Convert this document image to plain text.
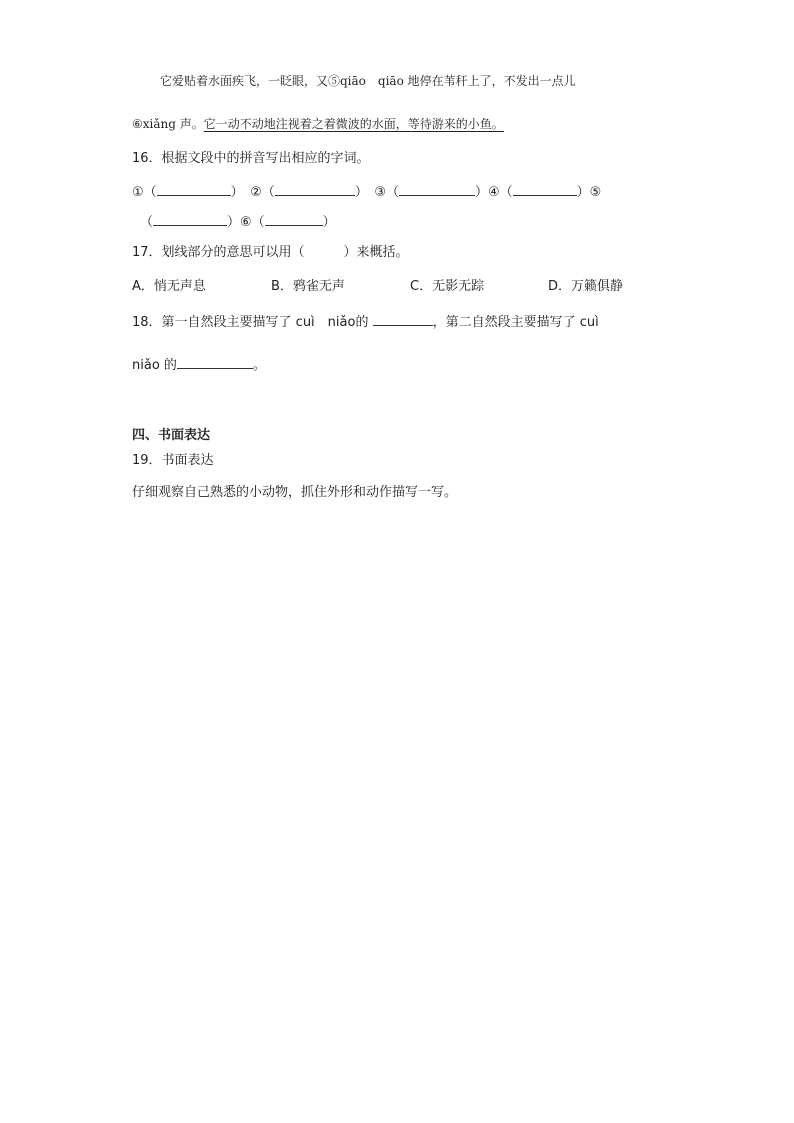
它爱贴着水面疾飞，一眨眼，又⑤qiāo　qiāo 地停在苇秆上了，不发出一点儿
⑥xiǎng 声。它一动不动地注视着之着微波的水面，等待游来的小鱼。
16．根据文段中的拼音写出相应的字词。
①（	）　②（	）　③（	）④（	）⑤
（	）⑥（	）
17．划线部分的意思可以用（　　　）来概括。
A．悄无声息	B．鸦雀无声	C．无影无踪	D．万籁俱静
18．第一自然段主要描写了 cuì　niǎo的	，第二自然段主要描写了 cuì
niǎo 的	。
四、书面表达
19．书面表达
仔细观察自己熟悉的小动物，抓住外形和动作描写一写。
